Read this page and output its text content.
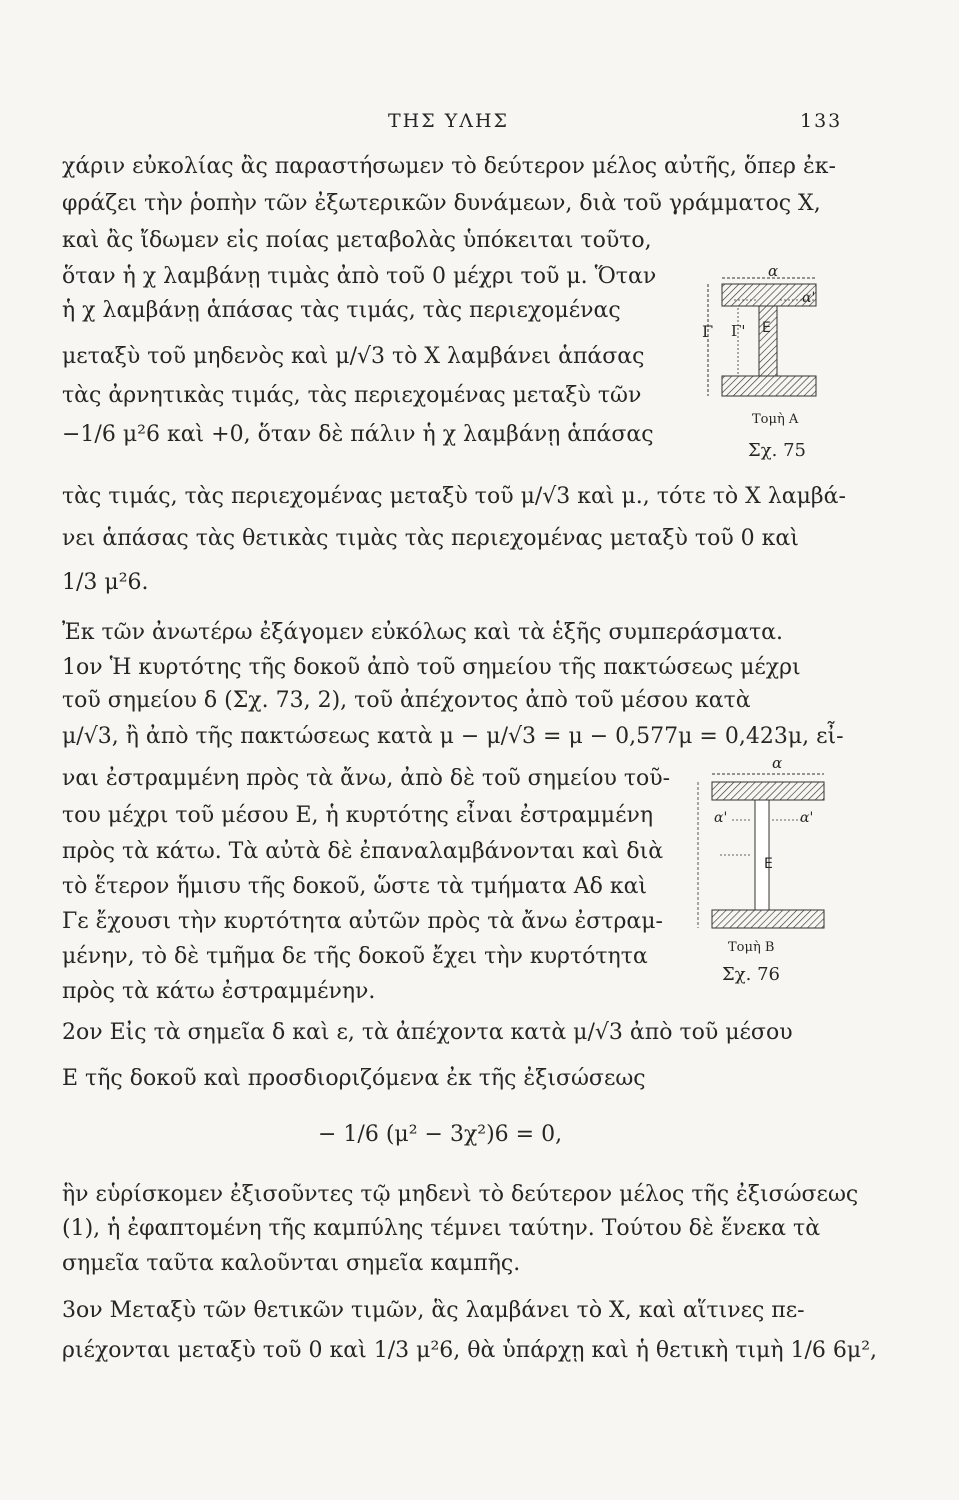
ΤΗΣ ΥΛΗΣ	133
χάριν εὐκολίας ἂς παραστήσωμεν τὸ δεύτερον μέλος αὐτῆς, ὅπερ ἐκ-
φράζει τὴν ῥοπὴν τῶν ἐξωτερικῶν δυνάμεων, διὰ τοῦ γράμματος Χ,
καὶ ἂς ἴδωμεν εἰς ποίας μεταβολὰς ὑπόκειται τοῦτο,
ὅταν ἡ χ λαμβάνῃ τιμὰς ἀπὸ τοῦ 0 μέχρι τοῦ μ. Ὅταν
ἡ χ λαμβάνῃ ἁπάσας τὰς τιμάς, τὰς περιεχομένας
μεταξὺ τοῦ μηδενὸς καὶ μ/√3 τὸ Χ λαμβάνει ἁπάσας
τὰς ἀρνητικὰς τιμάς, τὰς περιεχομένας μεταξὺ τῶν
−1/6 μ²6 καὶ +0, ὅταν δὲ πάλιν ἡ χ λαμβάνῃ ἁπάσας
τὰς τιμάς, τὰς περιεχομένας μεταξὺ τοῦ μ/√3 καὶ μ., τότε τὸ Χ λαμβά-
νει ἁπάσας τὰς θετικὰς τιμὰς τὰς περιεχομένας μεταξὺ τοῦ 0 καὶ
1/3 μ²6.
Ἐκ τῶν ἀνωτέρω ἐξάγομεν εὐκόλως καὶ τὰ ἑξῆς συμπεράσματα.
1ον Ἡ κυρτότης τῆς δοκοῦ ἀπὸ τοῦ σημείου τῆς πακτώσεως μέχρι
τοῦ σημείου δ (Σχ. 73, 2), τοῦ ἀπέχοντος ἀπὸ τοῦ μέσου κατὰ
μ/√3, ἢ ἀπὸ τῆς πακτώσεως κατὰ μ − μ/√3 = μ − 0,577μ = 0,423μ, εἶ-
ναι ἐστραμμένη πρὸς τὰ ἄνω, ἀπὸ δὲ τοῦ σημείου τοῦ-
του μέχρι τοῦ μέσου Ε, ἡ κυρτότης εἶναι ἐστραμμένη
πρὸς τὰ κάτω. Τὰ αὐτὰ δὲ ἐπαναλαμβάνονται καὶ διὰ
τὸ ἕτερον ἥμισυ τῆς δοκοῦ, ὥστε τὰ τμήματα Αδ καὶ
Γε ἔχουσι τὴν κυρτότητα αὐτῶν πρὸς τὰ ἄνω ἐστραμ-
μένην, τὸ δὲ τμῆμα δε τῆς δοκοῦ ἔχει τὴν κυρτότητα
πρὸς τὰ κάτω ἐστραμμένην.
2ον Εἰς τὰ σημεῖα δ καὶ ε, τὰ ἀπέχοντα κατὰ μ/√3 ἀπὸ τοῦ μέσου
Ε τῆς δοκοῦ καὶ προσδιοριζόμενα ἐκ τῆς ἐξισώσεως
− 1/6 (μ² − 3χ²)6 = 0,
ἣν εὑρίσκομεν ἐξισοῦντες τῷ μηδενὶ τὸ δεύτερον μέλος τῆς ἐξισώσεως
(1), ἡ ἐφαπτομένη τῆς καμπύλης τέμνει ταύτην. Τούτου δὲ ἕνεκα τὰ
σημεῖα ταῦτα καλοῦνται σημεῖα καμπῆς.
3ον Μεταξὺ τῶν θετικῶν τιμῶν, ἃς λαμβάνει τὸ Χ, καὶ αἵτινες πε-
ριέχονται μεταξὺ τοῦ 0 καὶ 1/3 μ²6, θὰ ὑπάρχῃ καὶ ἡ θετικὴ τιμὴ 1/6 6μ²,
α
α'
Γ Γ' Ε
Τομὴ Α
Σχ. 75
α
α'	α'
Ε
Τομὴ Β
Σχ. 76
